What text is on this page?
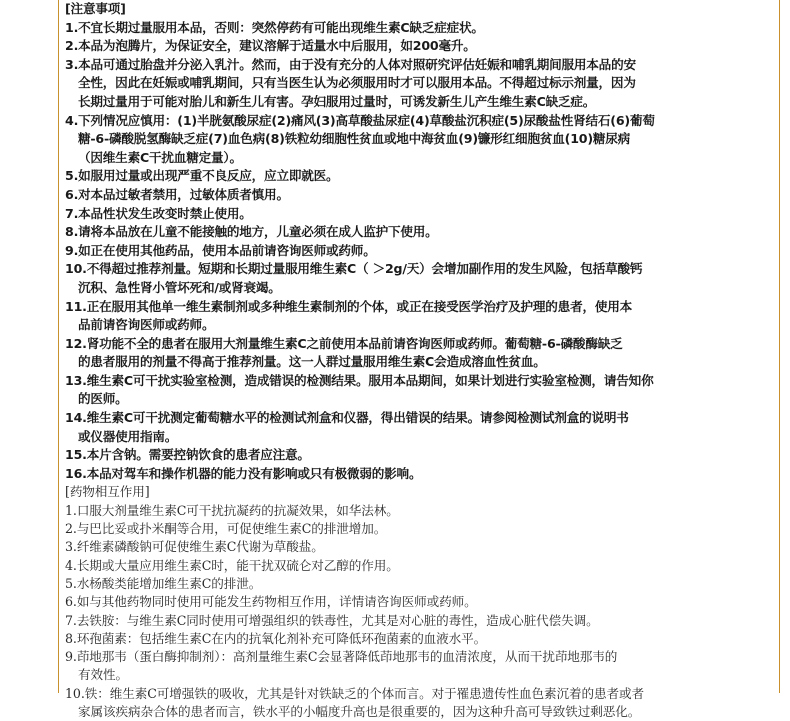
[注意事项]

1.不宜长期过量服用本品，否则：突然停药有可能出现维生素C缺乏症症状。

2.本品为泡腾片，为保证安全，建议溶解于适量水中后服用，如200毫升。

3.本品可通过胎盘并分泌入乳汁。然而，由于没有充分的人体对照研究评估妊娠和哺乳期间服用本品的安
全性，因此在妊娠或哺乳期间，只有当医生认为必须服用时才可以服用本品。不得超过标示剂量，因为
长期过量用于可能对胎儿和新生儿有害。孕妇服用过量时，可诱发新生儿产生维生素C缺乏症。

4.下列情况应慎用：(1)半胱氨酸尿症(2)痛风(3)高草酸盐尿症(4)草酸盐沉积症(5)尿酸盐性肾结石(6)葡萄
糖-6-磷酸脱氢酶缺乏症(7)血色病(8)铁粒幼细胞性贫血或地中海贫血(9)镰形红细胞贫血(10)糖尿病
（因维生素C干扰血糖定量）。

5.如服用过量或出现严重不良反应，应立即就医。

6.对本品过敏者禁用，过敏体质者慎用。

7.本品性状发生改变时禁止使用。

8.请将本品放在儿童不能接触的地方，儿童必须在成人监护下使用。

9.如正在使用其他药品，使用本品前请咨询医师或药师。

10.不得超过推荐剂量。短期和长期过量服用维生素C（ ＞2g/天）会增加副作用的发生风险，包括草酸钙
沉积、急性肾小管坏死和/或肾衰竭。

11.正在服用其他单一维生素制剂或多种维生素制剂的个体，或正在接受医学治疗及护理的患者，使用本
品前请咨询医师或药师。

12.肾功能不全的患者在服用大剂量维生素C之前使用本品前请咨询医师或药师。葡萄糖-6-磷酸酶缺乏
的患者服用的剂量不得高于推荐剂量。这一人群过量服用维生素C会造成溶血性贫血。

13.维生素C可干扰实验室检测，造成错误的检测结果。服用本品期间，如果计划进行实验室检测，请告知你
的医师。

14.维生素C可干扰测定葡萄糖水平的检测试剂盒和仪器，得出错误的结果。请参阅检测试剂盒的说明书
或仪器使用指南。

15.本片含钠。需要控钠饮食的患者应注意。

16.本品对驾车和操作机器的能力没有影响或只有极微弱的影响。

[药物相互作用]

1.口服大剂量维生素C可干扰抗凝药的抗凝效果，如华法林。

2.与巴比妥或扑米酮等合用，可促使维生素C的排泄增加。

3.纤维素磷酸钠可促使维生素C代谢为草酸盐。

4.长期或大量应用维生素C时，能干扰双硫仑对乙醇的作用。

5.水杨酸类能增加维生素C的排泄。

6.如与其他药物同时使用可能发生药物相互作用，详情请咨询医师或药师。

7.去铁胺：与维生素C同时使用可增强组织的铁毒性，尤其是对心脏的毒性，造成心脏代偿失调。

8.环孢菌素：包括维生素C在内的抗氧化剂补充可降低环孢菌素的血液水平。

9.茚地那韦（蛋白酶抑制剂）：高剂量维生素C会显著降低茚地那韦的血清浓度，从而干扰茚地那韦的
有效性。

10.铁：维生素C可增强铁的吸收，尤其是针对铁缺乏的个体而言。对于罹患遗传性血色素沉着的患者或者
家属该疾病杂合体的患者而言，铁水平的小幅度升高也是很重要的，因为这种升高可导致铁过剩恶化。
